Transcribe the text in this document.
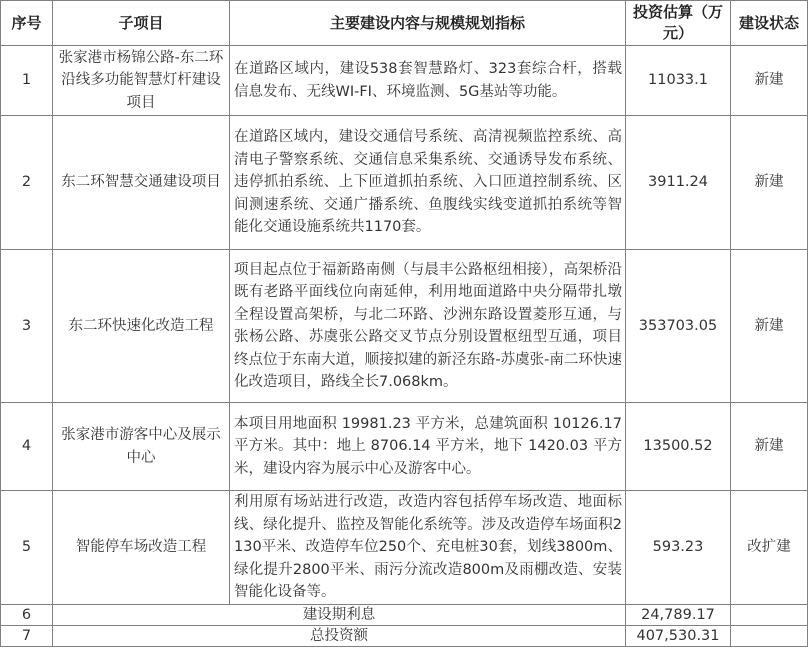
序号	子项目	主要建设内容与规模规划指标	投资估算（万元）	建设状态
1	张家港市杨锦公路-东二环沿线多功能智慧灯杆建设项目	在道路区域内，建设538套智慧路灯、323套综合杆，搭载信息发布、无线WI-FI、环境监测、5G基站等功能。	11033.1	新建
2	东二环智慧交通建设项目	在道路区域内，建设交通信号系统、高清视频监控系统、高清电子警察系统、交通信息采集系统、交通诱导发布系统、违停抓拍系统、上下匝道抓拍系统、入口匝道控制系统、区间测速系统、交通广播系统、鱼腹线实线变道抓拍系统等智能化交通设施系统共1170套。	3911.24	新建
3	东二环快速化改造工程	项目起点位于福新路南侧（与晨丰公路枢纽相接），高架桥沿既有老路平面线位向南延伸，利用地面道路中央分隔带扎墩全程设置高架桥，与北二环路、沙洲东路设置菱形互通，与张杨公路、苏虞张公路交叉节点分别设置枢纽型互通，项目终点位于东南大道，顺接拟建的新泾东路-苏虞张-南二环快速化改造项目，路线全长7.068km。	353703.05	新建
4	张家港市游客中心及展示中心	本项目用地面积 19981.23 平方米，总建筑面积 10126.17 平方米。其中：地上 8706.14 平方米，地下 1420.03 平方米，建设内容为展示中心及游客中心。	13500.52	新建
5	智能停车场改造工程	利用原有场站进行改造，改造内容包括停车场改造、地面标线、绿化提升、监控及智能化系统等。涉及改造停车场面积2130平米、改造停车位250个、充电桩30套，划线3800m、绿化提升2800平米、雨污分流改造800m及雨棚改造、安装智能化设备等。	593.23	改扩建
6	建设期利息		24,789.17	
7	总投资额		407,530.31	
